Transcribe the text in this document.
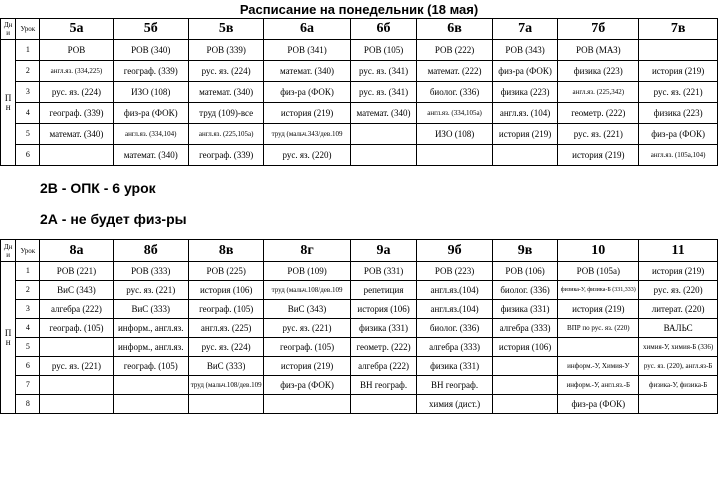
Расписание на понедельник (18 мая)
Дн и	Урок	5а	5б	5в	6а	6б	6в	7а	7б	7в

П
н	1	РОВ	РОВ (340)	РОВ (339)	РОВ (341)	РОВ (105)	РОВ (222)	РОВ (343)	РОВ (МАЗ)	

	2	англ.яз. (334,225)	географ. (339)	рус. яз. (224)	математ. (340)	рус. яз. (341)	математ. (222)	физ-ра (ФОК)	физика (223)	история (219)

	3	рус. яз. (224)	ИЗО (108)	математ. (340)	физ-ра (ФОК)	рус. яз. (341)	биолог. (336)	физика (223)	англ.яз. (225,342)	рус. яз. (221)

	4	географ. (339)	физ-ра (ФОК)	труд (109)-все	история (219)	математ. (340)	англ.яз. (334,105а)	англ.яз. (104)	геометр. (222)	физика (223)

	5	математ. (340)	англ.яз. (334,104)	англ.яз. (225,105а)	труд (мальч.343/дев.109		ИЗО (108)	история (219)	рус. яз. (221)	физ-ра (ФОК)

	6		математ. (340)	географ. (339)	рус. яз. (220)				история (219)	англ.яз. (105а,104)
2В - ОПК - 6 урок
2А - не будет физ-ры
Дн и	Урок	8а	8б	8в	8г	9а	9б	9в	10	11

П
н	1	РОВ (221)	РОВ (333)	РОВ (225)	РОВ (109)	РОВ (331)	РОВ (223)	РОВ (106)	РОВ (105а)	история (219)

	2	ВиС (343)	рус. яз. (221)	история (106)	труд (мальч.108/дев.109	репетиция	англ.яз.(104)	биолог. (336)	физика-У, физика-Б (331,333)	рус. яз. (220)

	3	алгебра (222)	ВиС (333)	географ. (105)	ВиС (343)	история (106)	англ.яз.(104)	физика (331)	история (219)	литерат. (220)

	4	географ. (105)	информ., англ.яз.	англ.яз. (225)	рус. яз. (221)	физика (331)	биолог. (336)	алгебра (333)	ВПР по рус. яз. (220)	ВАЛЬС

	5		информ., англ.яз.	рус. яз. (224)	географ. (105)	геометр. (222)	алгебра (333)	история (106)		химия-У, химия-Б (336)

	6	рус. яз. (221)	географ. (105)	ВиС (333)	история (219)	алгебра (222)	физика (331)		информ.-У, Химия-У	рус. яз. (220), англ.яз-Б

	7			труд (мальч.108/дев.109	физ-ра (ФОК)	ВН географ.	ВН географ.		информ.-У, англ.яз.-Б	физика-У, физика-Б

	8						химия (дист.)		физ-ра (ФОК)	
